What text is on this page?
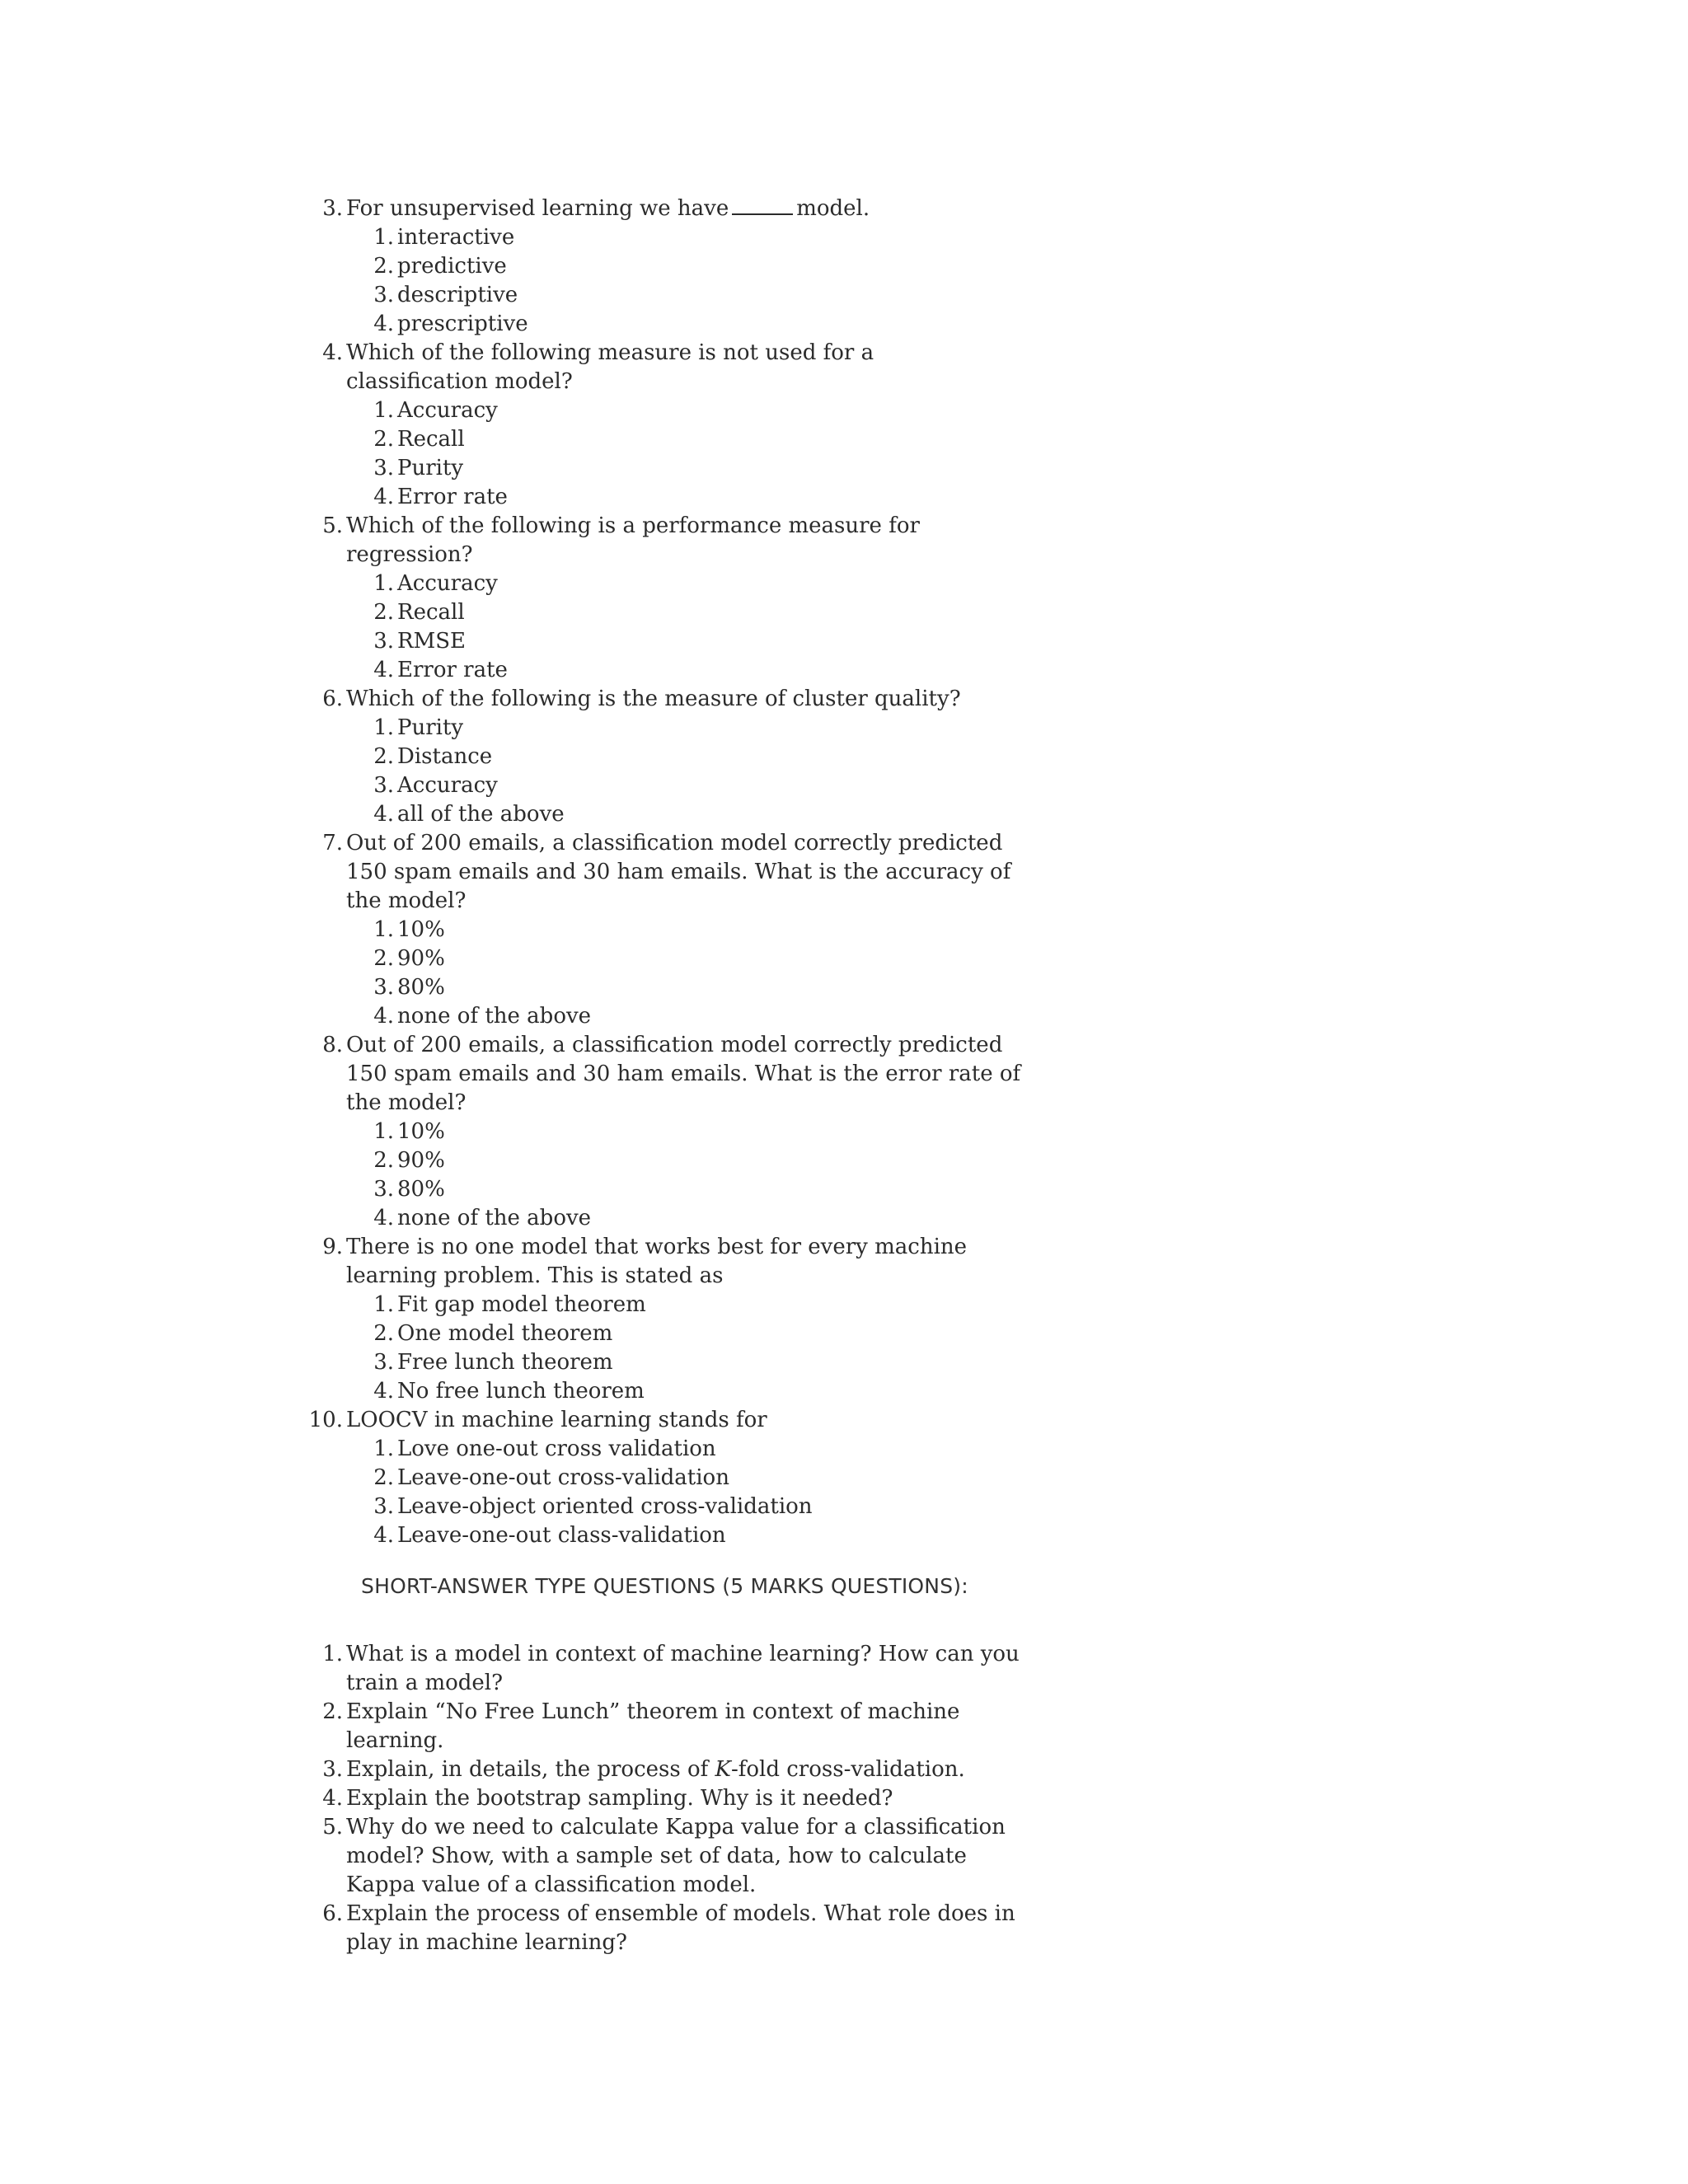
3. For unsupervised learning we have	model.
1. interactive
2. predictive
3. descriptive
4. prescriptive
4. Which of the following measure is not used for a classification model?
1. Accuracy
2. Recall
3. Purity
4. Error rate
5. Which of the following is a performance measure for regression?
1. Accuracy
2. Recall
3. RMSE
4. Error rate
6. Which of the following is the measure of cluster quality?
1. Purity
2. Distance
3. Accuracy
4. all of the above
7. Out of 200 emails, a classification model correctly predicted 150 spam emails and 30 ham emails. What is the accuracy of the model?
1. 10%
2. 90%
3. 80%
4. none of the above
8. Out of 200 emails, a classification model correctly predicted 150 spam emails and 30 ham emails. What is the error rate of the model?
1. 10%
2. 90%
3. 80%
4. none of the above
9. There is no one model that works best for every machine learning problem. This is stated as
1. Fit gap model theorem
2. One model theorem
3. Free lunch theorem
4. No free lunch theorem
10. LOOCV in machine learning stands for
1. Love one-out cross validation
2. Leave-one-out cross-validation
3. Leave-object oriented cross-validation
4. Leave-one-out class-validation
SHORT-ANSWER TYPE QUESTIONS (5 MARKS QUESTIONS):
1. What is a model in context of machine learning? How can you train a model?
2. Explain “No Free Lunch” theorem in context of machine learning.
3. Explain, in details, the process of K-fold cross-validation.
4. Explain the bootstrap sampling. Why is it needed?
5. Why do we need to calculate Kappa value for a classification model? Show, with a sample set of data, how to calculate Kappa value of a classification model.
6. Explain the process of ensemble of models. What role does in play in machine learning?
